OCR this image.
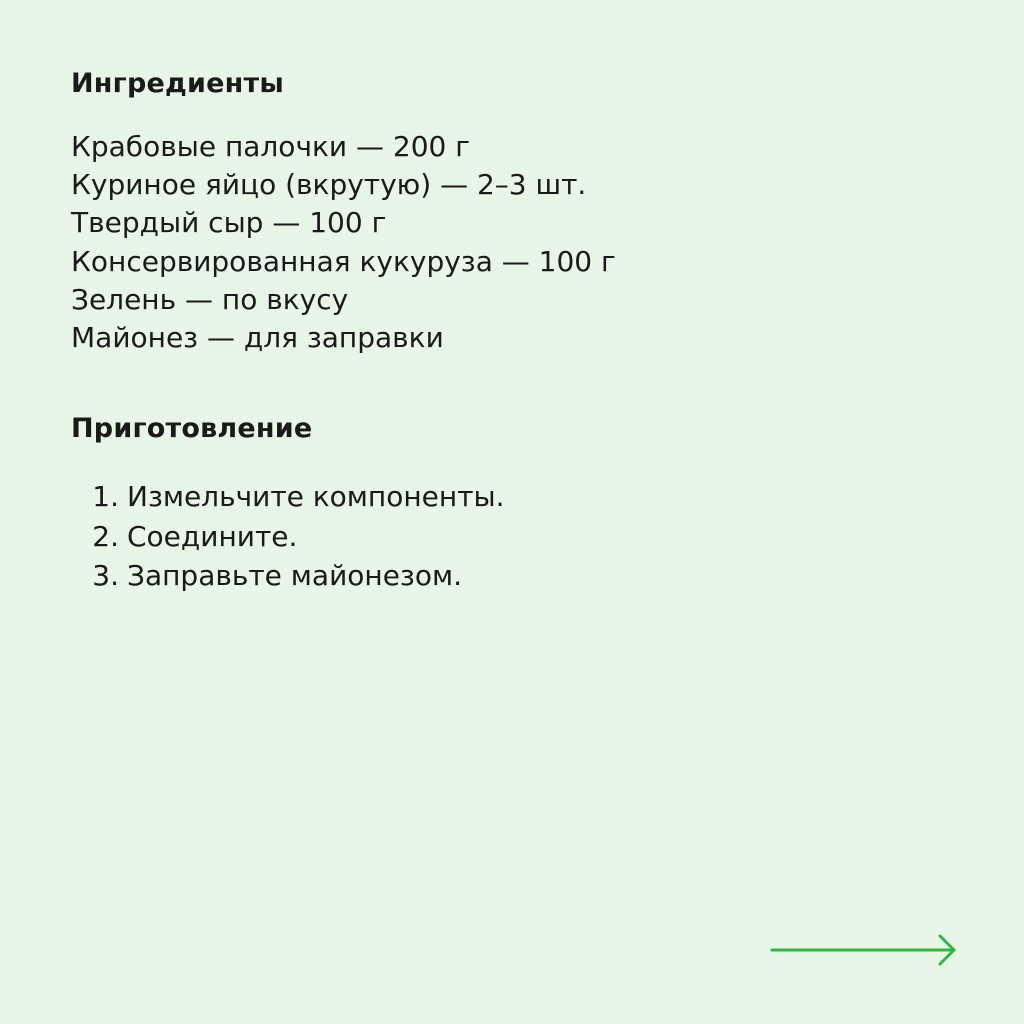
Ингредиенты
Крабовые палочки — 200 г
Куриное яйцо (вкрутую) — 2–3 шт.
Твердый сыр — 100 г
Консервированная кукуруза — 100 г
Зелень — по вкусу
Майонез — для заправки
Приготовление
1. Измельчите компоненты.
2. Соедините.
3. Заправьте майонезом.
